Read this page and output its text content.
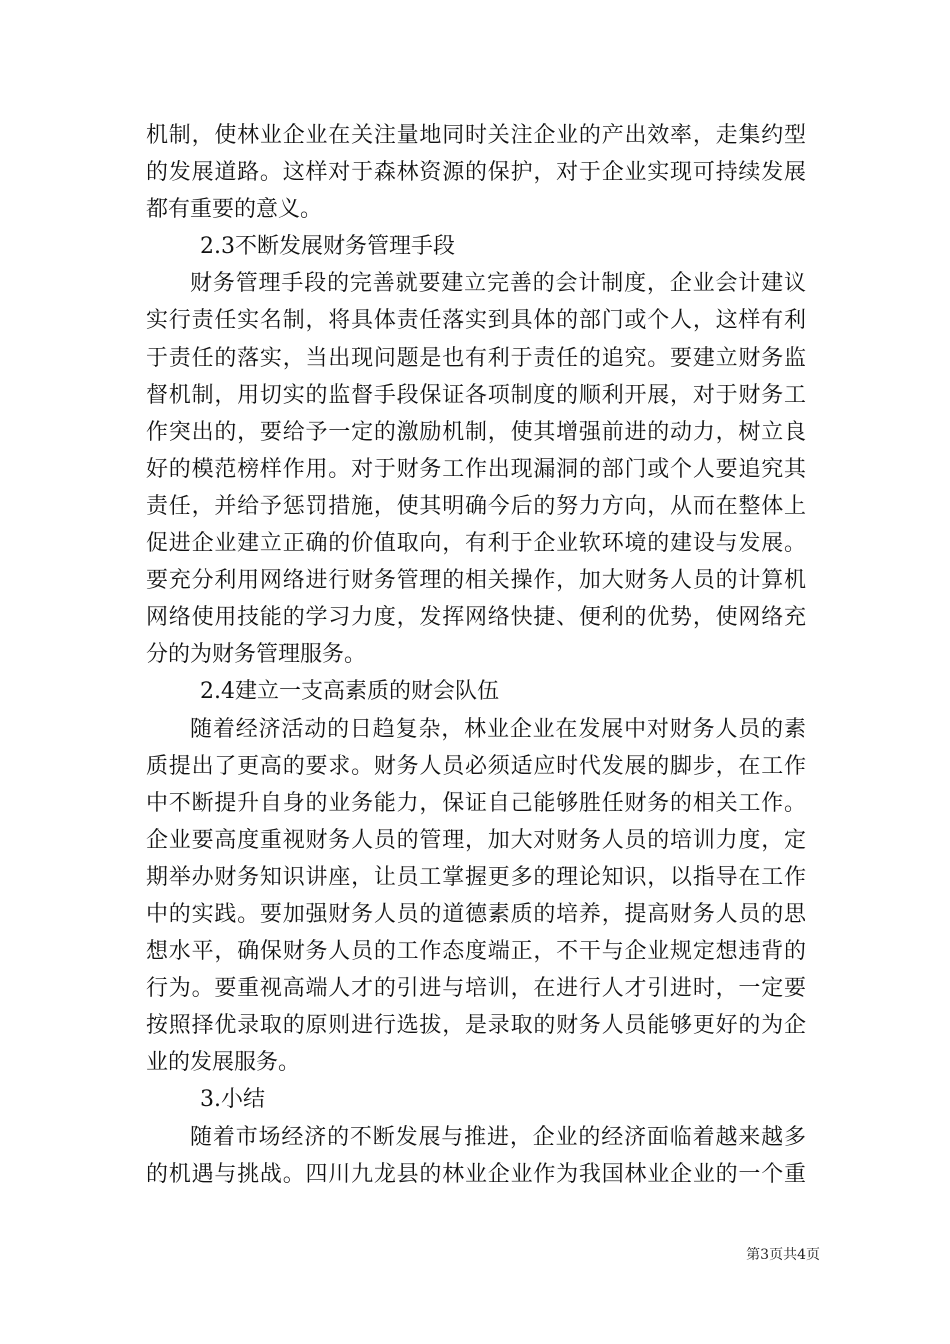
机制，使林业企业在关注量地同时关注企业的产出效率，走集约型
的发展道路。这样对于森林资源的保护，对于企业实现可持续发展
都有重要的意义。
2.3不断发展财务管理手段
财务管理手段的完善就要建立完善的会计制度，企业会计建议
实行责任实名制，将具体责任落实到具体的部门或个人，这样有利
于责任的落实，当出现问题是也有利于责任的追究。要建立财务监
督机制，用切实的监督手段保证各项制度的顺利开展，对于财务工
作突出的，要给予一定的激励机制，使其增强前进的动力，树立良
好的模范榜样作用。对于财务工作出现漏洞的部门或个人要追究其
责任，并给予惩罚措施，使其明确今后的努力方向，从而在整体上
促进企业建立正确的价值取向，有利于企业软环境的建设与发展。
要充分利用网络进行财务管理的相关操作，加大财务人员的计算机
网络使用技能的学习力度，发挥网络快捷、便利的优势，使网络充
分的为财务管理服务。
2.4建立一支高素质的财会队伍
随着经济活动的日趋复杂，林业企业在发展中对财务人员的素
质提出了更高的要求。财务人员必须适应时代发展的脚步，在工作
中不断提升自身的业务能力，保证自己能够胜任财务的相关工作。
企业要高度重视财务人员的管理，加大对财务人员的培训力度，定
期举办财务知识讲座，让员工掌握更多的理论知识，以指导在工作
中的实践。要加强财务人员的道德素质的培养，提高财务人员的思
想水平，确保财务人员的工作态度端正，不干与企业规定想违背的
行为。要重视高端人才的引进与培训，在进行人才引进时，一定要
按照择优录取的原则进行选拔，是录取的财务人员能够更好的为企
业的发展服务。
3.小结
随着市场经济的不断发展与推进，企业的经济面临着越来越多
的机遇与挑战。四川九龙县的林业企业作为我国林业企业的一个重
第3页共4页
